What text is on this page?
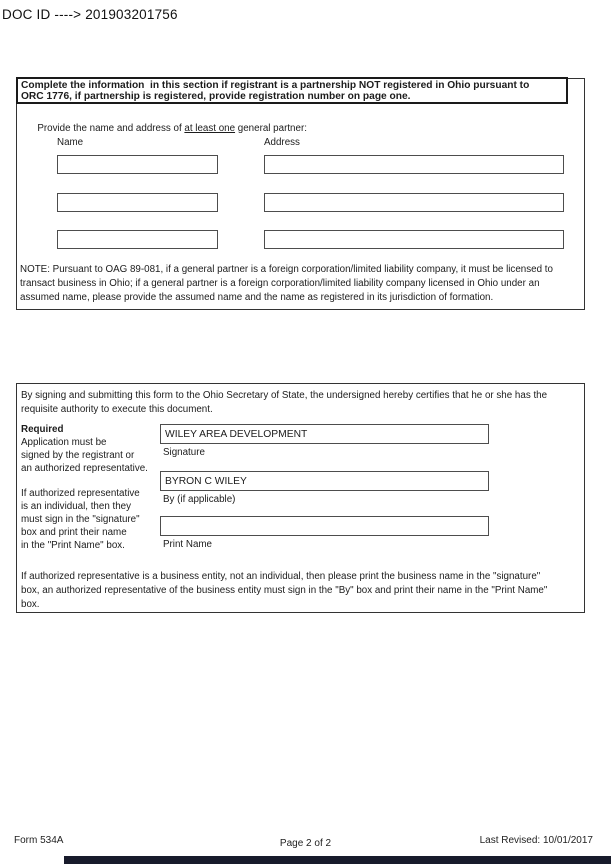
DOC ID ----> 201903201756
Complete the information  in this section if registrant is a partnership NOT registered in Ohio pursuant to
ORC 1776, if partnership is registered, provide registration number on page one.

Provide the name and address of at least one general partner:

Name	Address
NOTE: Pursuant to OAG 89-081, if a general partner is a foreign corporation/limited liability company, it must be licensed to
transact business in Ohio; if a general partner is a foreign corporation/limited liability company licensed in Ohio under an
assumed name, please provide the assumed name and the name as registered in its jurisdiction of formation.
By signing and submitting this form to the Ohio Secretary of State, the undersigned hereby certifies that he or she has the
requisite authority to execute this document.
Required
Application must be
signed by the registrant or
an authorized representative.
If authorized representative
is an individual, then they
must sign in the "signature"
box and print their name
in the "Print Name" box.
WILEY AREA DEVELOPMENT
Signature
BYRON C WILEY
By (if applicable)
Print Name
If authorized representative is a business entity, not an individual, then please print the business name in the "signature"
box, an authorized representative of the business entity must sign in the "By" box and print their name in the "Print Name"
box.
Form 534A	Page 2 of 2	Last Revised: 10/01/2017
